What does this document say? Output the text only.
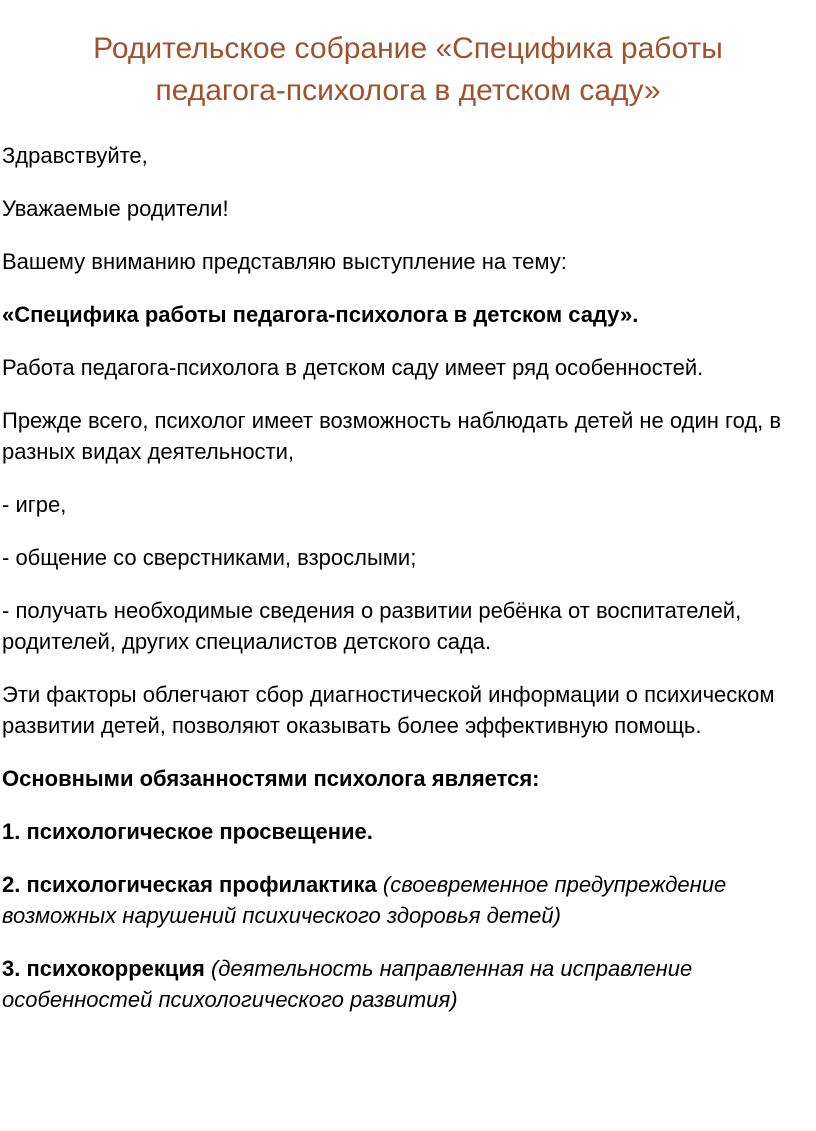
Родительское собрание «Специфика работы
педагога-психолога в детском саду»

Здравствуйте,

Уважаемые родители!

Вашему вниманию представляю выступление на тему:

«Специфика работы педагога-психолога в детском саду».

Работа педагога-психолога в детском саду имеет ряд особенностей.

Прежде всего, психолог имеет возможность наблюдать детей не один год, в разных видах деятельности,

- игре,

- общение со сверстниками, взрослыми;

- получать необходимые сведения о развитии ребёнка от воспитателей, родителей, других специалистов детского сада.

Эти факторы облегчают сбор диагностической информации о психическом развитии детей, позволяют оказывать более эффективную помощь.

Основными обязанностями психолога является:

1. психологическое просвещение.

2. психологическая профилактика (своевременное предупреждение возможных нарушений психического здоровья детей)

3. психокоррекция (деятельность направленная на исправление особенностей психологического развития)
